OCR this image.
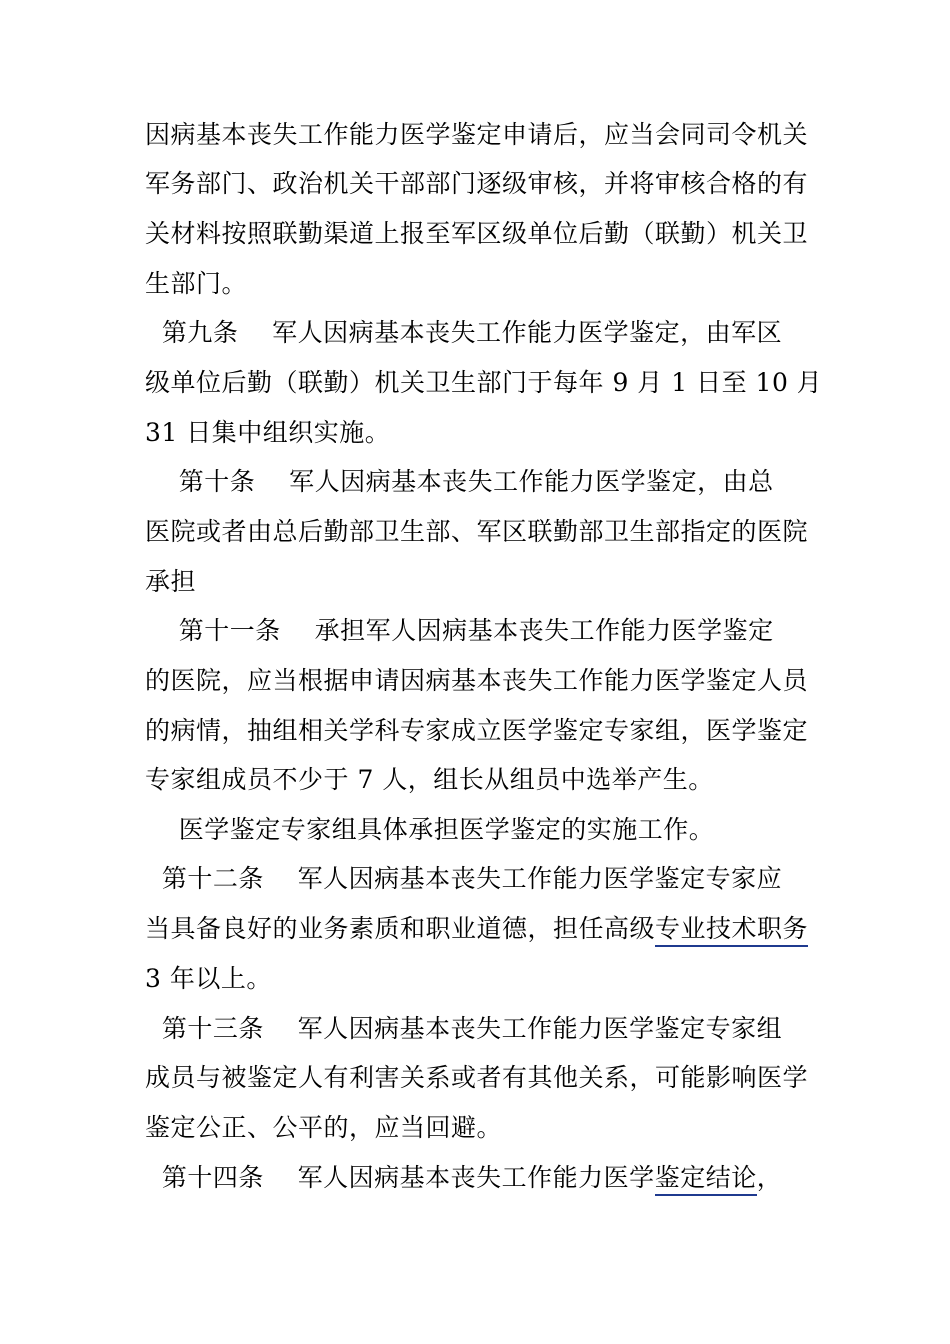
因病基本丧失工作能力医学鉴定申请后，应当会同司令机关
军务部门、政治机关干部部门逐级审核，并将审核合格的有
关材料按照联勤渠道上报至军区级单位后勤（联勤）机关卫
生部门。
第九条    军人因病基本丧失工作能力医学鉴定，由军区
级单位后勤（联勤）机关卫生部门于每年 9 月 1 日至 10 月
31 日集中组织实施。
第十条    军人因病基本丧失工作能力医学鉴定，由总
医院或者由总后勤部卫生部、军区联勤部卫生部指定的医院
承担
第十一条    承担军人因病基本丧失工作能力医学鉴定
的医院，应当根据申请因病基本丧失工作能力医学鉴定人员
的病情，抽组相关学科专家成立医学鉴定专家组，医学鉴定
专家组成员不少于 7 人，组长从组员中选举产生。
医学鉴定专家组具体承担医学鉴定的实施工作。
第十二条    军人因病基本丧失工作能力医学鉴定专家应
当具备良好的业务素质和职业道德，担任高级专业技术职务
3 年以上。
第十三条    军人因病基本丧失工作能力医学鉴定专家组
成员与被鉴定人有利害关系或者有其他关系，可能影响医学
鉴定公正、公平的，应当回避。
第十四条    军人因病基本丧失工作能力医学鉴定结论，
